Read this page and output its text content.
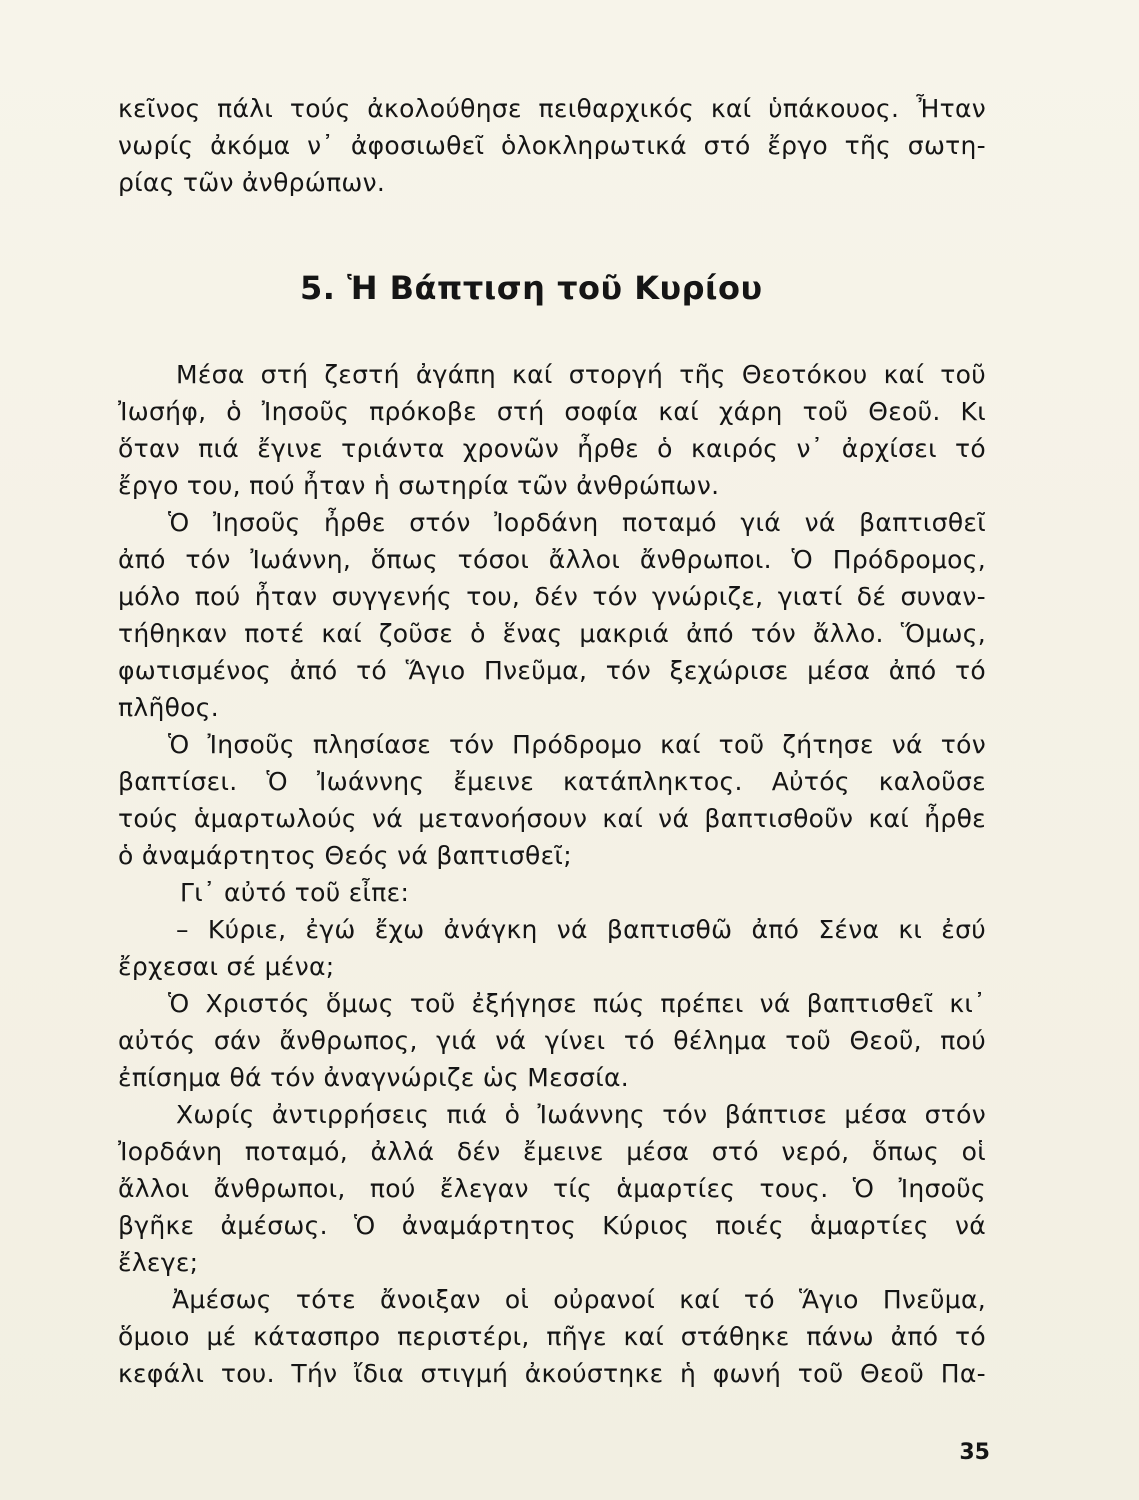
κεῖνος πάλι τούς ἀκολούθησε πειθαρχικός καί ὑπάκουος. Ἦταν
νωρίς ἀκόμα ν᾿ ἀφοσιωθεῖ ὁλοκληρωτικά στό ἔργο τῆς σωτη-
ρίας τῶν ἀνθρώπων.
5. Ἡ Βάπτιση τοῦ Κυρίου
Μέσα στή ζεστή ἀγάπη καί στοργή τῆς Θεοτόκου καί τοῦ
Ἰωσήφ, ὁ Ἰησοῦς πρόκοβε στή σοφία καί χάρη τοῦ Θεοῦ. Κι
ὅταν πιά ἔγινε τριάντα χρονῶν ἦρθε ὁ καιρός ν᾿ ἀρχίσει τό
ἔργο του, πού ἦταν ἡ σωτηρία τῶν ἀνθρώπων.
Ὁ Ἰησοῦς ἦρθε στόν Ἰορδάνη ποταμό γιά νά βαπτισθεῖ
ἀπό τόν Ἰωάννη, ὅπως τόσοι ἄλλοι ἄνθρωποι. Ὁ Πρόδρομος,
μόλο πού ἦταν συγγενής του, δέν τόν γνώριζε, γιατί δέ συναν-
τήθηκαν ποτέ καί ζοῦσε ὁ ἕνας μακριά ἀπό τόν ἄλλο. Ὅμως,
φωτισμένος ἀπό τό Ἅγιο Πνεῦμα, τόν ξεχώρισε μέσα ἀπό τό
πλῆθος.
Ὁ Ἰησοῦς πλησίασε τόν Πρόδρομο καί τοῦ ζήτησε νά τόν
βαπτίσει. Ὁ Ἰωάννης ἔμεινε κατάπληκτος. Αὐτός καλοῦσε
τούς ἁμαρτωλούς νά μετανοήσουν καί νά βαπτισθοῦν καί ἦρθε
ὁ ἀναμάρτητος Θεός νά βαπτισθεῖ;
Γι᾿ αὐτό τοῦ εἶπε:
– Κύριε, ἐγώ ἔχω ἀνάγκη νά βαπτισθῶ ἀπό Σένα κι ἐσύ
ἔρχεσαι σέ μένα;
Ὁ Χριστός ὅμως τοῦ ἐξήγησε πώς πρέπει νά βαπτισθεῖ κι᾿
αὐτός σάν ἄνθρωπος, γιά νά γίνει τό θέλημα τοῦ Θεοῦ, πού
ἐπίσημα θά τόν ἀναγνώριζε ὡς Μεσσία.
Χωρίς ἀντιρρήσεις πιά ὁ Ἰωάννης τόν βάπτισε μέσα στόν
Ἰορδάνη ποταμό, ἀλλά δέν ἔμεινε μέσα στό νερό, ὅπως οἱ
ἄλλοι ἄνθρωποι, πού ἔλεγαν τίς ἁμαρτίες τους. Ὁ Ἰησοῦς
βγῆκε ἀμέσως. Ὁ ἀναμάρτητος Κύριος ποιές ἁμαρτίες νά
ἔλεγε;
Ἀμέσως τότε ἄνοιξαν οἱ οὐρανοί καί τό Ἅγιο Πνεῦμα,
ὅμοιο μέ κάτασπρο περιστέρι, πῆγε καί στάθηκε πάνω ἀπό τό
κεφάλι του. Τήν ἴδια στιγμή ἀκούστηκε ἡ φωνή τοῦ Θεοῦ Πα-
35
